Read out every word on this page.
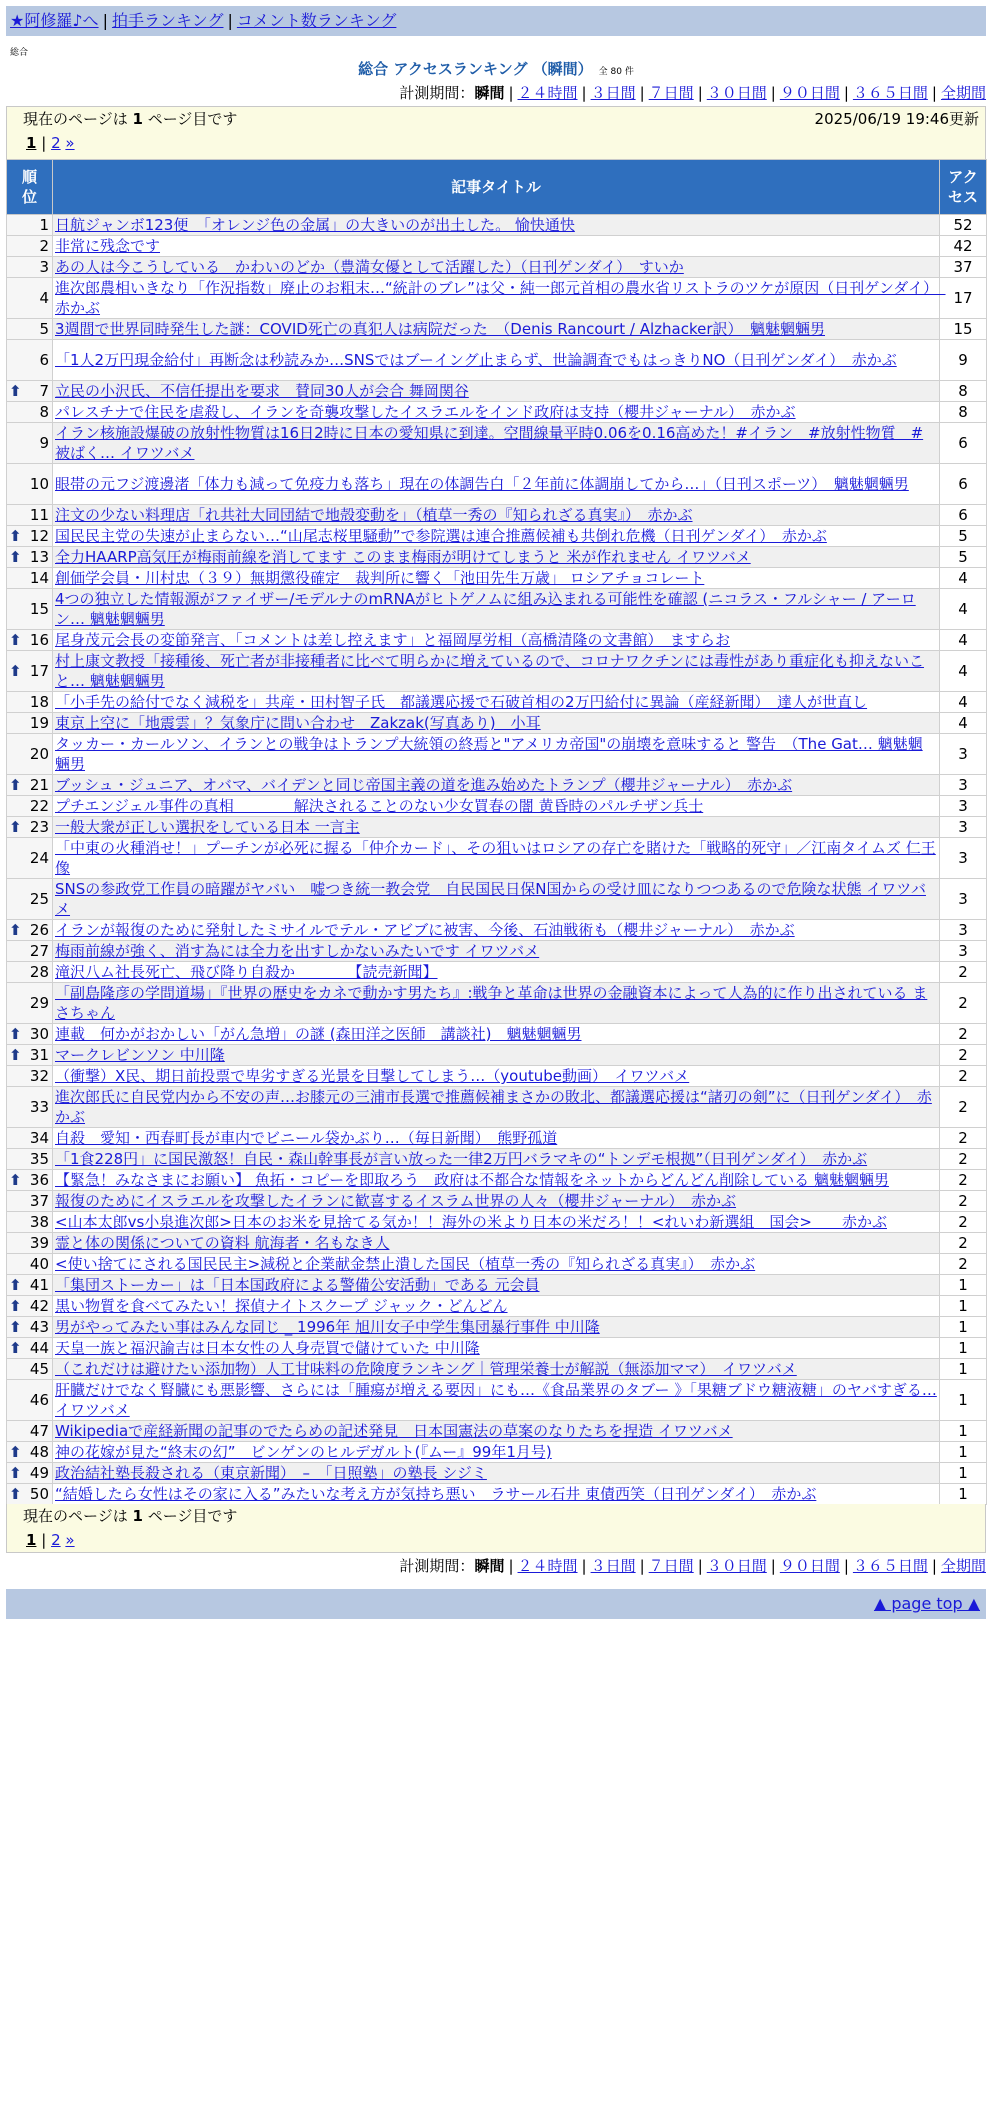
★阿修羅♪へ | 拍手ランキング | コメント数ランキング
総合
総合 アクセスランキング （瞬間） 全 80 件
計測期間：瞬間 | ２４時間 | ３日間 | ７日間 | ３０日間 | ９０日間 | ３６５日間 | 全期間
現在のページは 1 ページ目です	2025/06/19 19:46更新
1 | 2 »
順位	記事タイトル	アクセス
1	日航ジャンボ123便　「オレンジ色の金属」の大きいのが出土した。 愉快通快	52
2	非常に残念です	42
3	あの人は今こうしている　かわいのどか（豊満女優として活躍した）（日刊ゲンダイ）　すいか	37
4	進次郎農相いきなり「作況指数」廃止のお粗末…“統計のブレ”は父・純一郎元首相の農水省リストラのツケが原因（日刊ゲンダイ）　赤かぶ	17
5	3週間で世界同時発生した謎：COVID死亡の真犯人は病院だった　（Denis Rancourt / Alzhacker訳）　魑魅魍魎男	15
6	「1人2万円現金給付」再断念は秒読みか…SNSではブーイング止まらず、世論調査でもはっきりNO（日刊ゲンダイ）　赤かぶ	9

⬆ 7	立民の小沢氏、不信任提出を要求　賛同30人が会合 舞岡関谷	8
8	パレスチナで住民を虐殺し、イランを奇襲攻撃したイスラエルをインド政府は支持（櫻井ジャーナル）　赤かぶ	8
9	イラン核施設爆破の放射性物質は16日2時に日本の愛知県に到達。空間線量平時0.06を0.16高めた！#イラン　#放射性物質　#被ばく… イワツバメ	6
10	眼帯の元フジ渡邊渚「体力も減って免疫力も落ち」現在の体調告白「２年前に体調崩してから…」（日刊スポーツ）　魑魅魍魎男	6
11	注文の少ない料理店「れ共社大同団結で地殻変動を」（植草一秀の『知られざる真実』）　赤かぶ	6

⬆ 12	国民民主党の失速が止まらない…“山尾志桜里騒動”で参院選は連合推薦候補も共倒れ危機（日刊ゲンダイ）　赤かぶ	5

⬆ 13	全力HAARP高気圧が梅雨前線を消してます このまま梅雨が明けてしまうと 米が作れません イワツバメ	5
14	創価学会員・川村忠（３９）無期懲役確定　裁判所に響く「池田先生万歳」 ロシアチョコレート	4
15	4つの独立した情報源がファイザー/モデルナのmRNAがヒトゲノムに組み込まれる可能性を確認 (ニコラス・フルシャー / アーロン… 魑魅魍魎男	4

⬆ 16	尾身茂元会長の変節発言、「コメントは差し控えます」と福岡厚労相（高橋清隆の文書館）　ますらお	4

⬆ 17	村上康文教授「接種後、死亡者が非接種者に比べて明らかに増えているので、コロナワクチンには毒性があり重症化も抑えないこと… 魑魅魍魎男	4
18	「小手先の給付でなく減税を」共産・田村智子氏　都議選応援で石破首相の2万円給付に異論（産経新聞）　達人が世直し	4
19	東京上空に「地震雲」？気象庁に問い合わせ　Zakzak(写真あり)　小耳	4
20	タッカー・カールソン、イランとの戦争はトランプ大統領の終焉と"アメリカ帝国"の崩壊を意味すると 警告　（The Gat… 魑魅魍魎男	3

⬆ 21	ブッシュ・ジュニア、オバマ、バイデンと同じ帝国主義の道を進み始めたトランプ（櫻井ジャーナル）　赤かぶ	3
22	プチエンジェル事件の真相　　　　解決されることのない少女買春の闇 黄昏時のパルチザン兵士	3

⬆ 23	一般大衆が正しい選択をしている日本 一言主	3
24	「中東の火種消せ！」プーチンが必死に握る「仲介カード」、その狙いはロシアの存亡を賭けた「戦略的死守」／江南タイムズ 仁王像	3
25	SNSの参政党工作員の暗躍がヤバい　嘘つき統一教会党　自民国民日保N国からの受け皿になりつつあるので危険な状態 イワツバメ	3

⬆ 26	イランが報復のために発射したミサイルでテル・アビブに被害、今後、石油戦術も（櫻井ジャーナル）　赤かぶ	3
27	梅雨前線が強く、消す為には全力を出すしかないみたいです イワツバメ	3
28	滝沢八ム社長死亡、飛び降り自殺か　　　　【読売新聞】	2
29	「副島隆彦の学問道場」『世界の歴史をカネで動かす男たち』:戦争と革命は世界の金融資本によって人為的に作り出されている まさちゃん	2

⬆ 30	連載　何かがおかしい「がん急増」の謎 (森田洋之医師　講談社)　魑魅魍魎男	2

⬆ 31	マークレビンソン 中川隆	2
32	（衝撃）X民、期日前投票で卑劣すぎる光景を目撃してしまう…（youtube動画）　イワツバメ	2
33	進次郎氏に自民党内から不安の声…お膝元の三浦市長選で推薦候補まさかの敗北、都議選応援は“諸刃の剣”に（日刊ゲンダイ）　赤かぶ	2
34	自殺　愛知・西春町長が車内でビニール袋かぶり…（毎日新聞）　熊野孤道	2
35	「1食228円」に国民激怒！自民・森山幹事長が言い放った一律2万円バラマキの“トンデモ根拠”（日刊ゲンダイ）　赤かぶ	2

⬆ 36	【緊急！みなさまにお願い】 魚拓・コピーを即取ろう　政府は不都合な情報をネットからどんどん削除している 魑魅魍魎男	2
37	報復のためにイスラエルを攻撃したイランに歓喜するイスラム世界の人々（櫻井ジャーナル）　赤かぶ	2
38	<山本太郎vs小泉進次郎>日本のお米を見捨てる気か！！海外の米より日本の米だろ！！<れいわ新選組　国会>　　赤かぶ	2
39	霊と体の関係についての資料 航海者・名もなき人	2
40	<使い捨てにされる国民民主>減税と企業献金禁止潰した国民（植草一秀の『知られざる真実』）　赤かぶ	2

⬆ 41	「集団ストーカー」は「日本国政府による警備公安活動」である 元会員	1

⬆ 42	黒い物質を食べてみたい！探偵ナイトスクープ ジャック・どんどん	1

⬆ 43	男がやってみたい事はみんな同じ _ 1996年 旭川女子中学生集団暴行事件 中川隆	1

⬆ 44	天皇一族と福沢諭吉は日本女性の人身売買で儲けていた 中川隆	1
45	（これだけは避けたい添加物）人工甘味料の危険度ランキング｜管理栄養士が解説（無添加ママ）　イワツバメ	1
46	肝臓だけでなく腎臓にも悪影響、さらには「腫瘍が増える要因」にも…《食品業界のタブー 》「果糖ブドウ糖液糖」のヤバすぎる… イワツバメ	1
47	Wikipediaで産経新聞の記事のでたらめの記述発見　日本国憲法の草案のなりたちを捏造 イワツバメ	1

⬆ 48	神の花嫁が見た“終末の幻”　ビンゲンのヒルデガルト(『ムー』99年1月号)	1

⬆ 49	政治結社塾長殺される（東京新聞）　–　「日照塾」の塾長 シジミ	1

⬆ 50	“結婚したら女性はその家に入る”みたいな考え方が気持ち悪い　ラサール石井 東債西笑（日刊ゲンダイ）　赤かぶ	1
現在のページは 1 ページ目です
1 | 2 »
計測期間：瞬間 | ２４時間 | ３日間 | ７日間 | ３０日間 | ９０日間 | ３６５日間 | 全期間
▲ page top ▲
